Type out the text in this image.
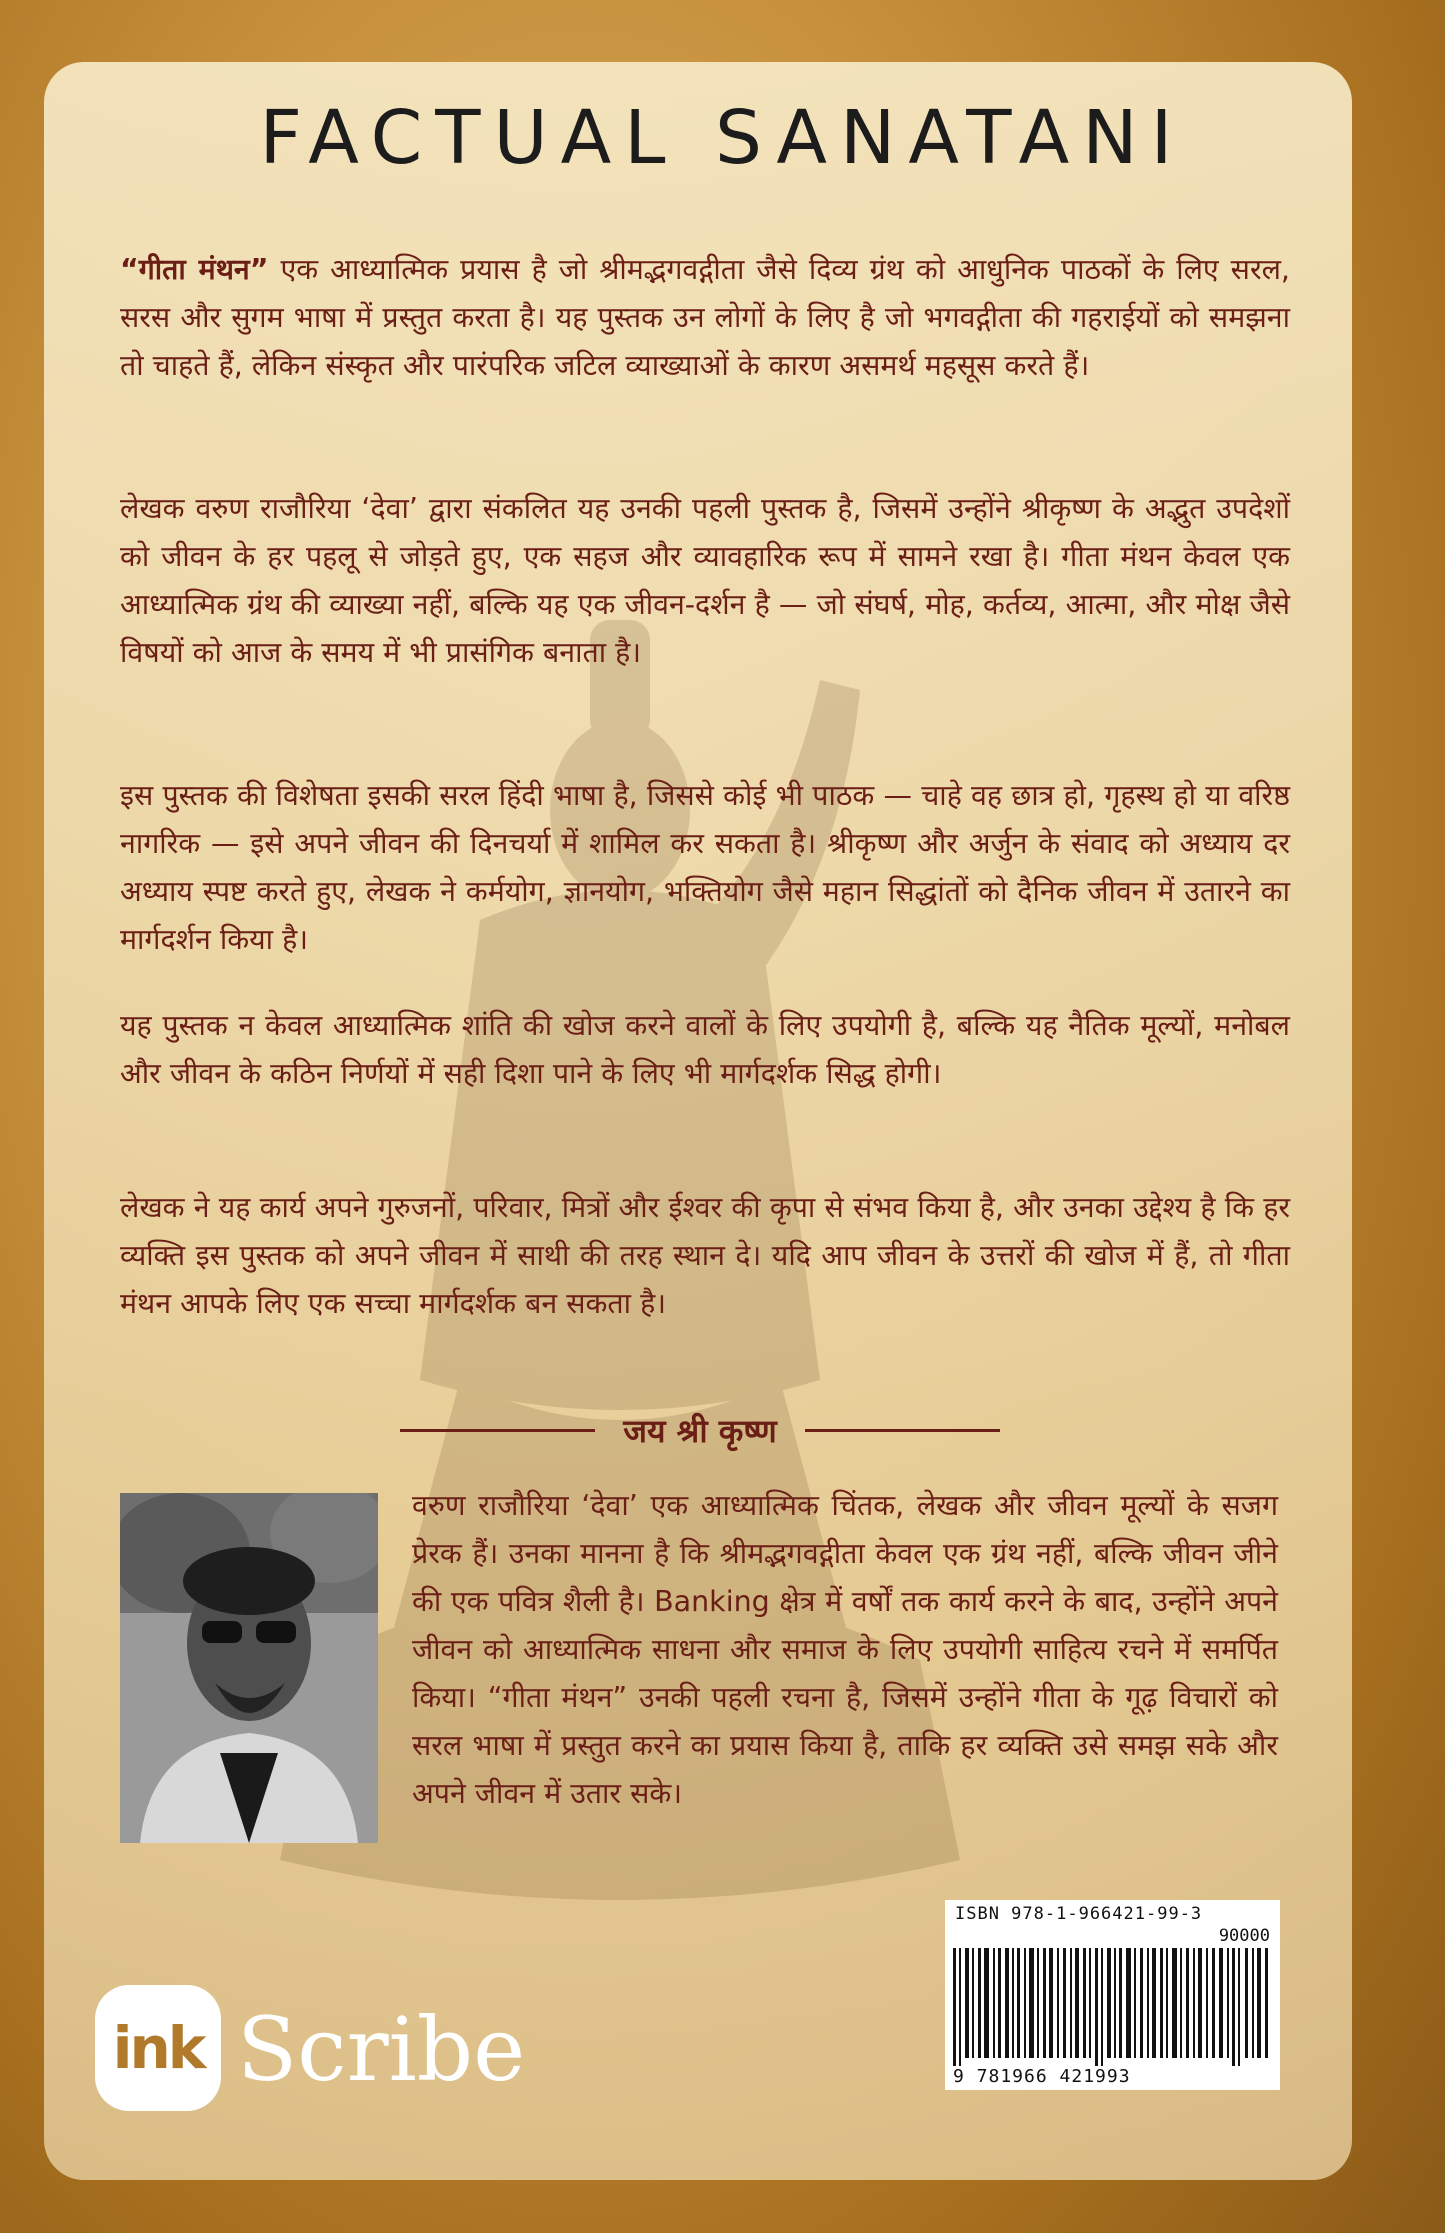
FACTUAL SANATANI

“गीता मंथन” एक आध्यात्मिक प्रयास है जो श्रीमद्भगवद्गीता जैसे दिव्य ग्रंथ को आधुनिक पाठकों के लिए सरल, सरस और सुगम भाषा में प्रस्तुत करता है। यह पुस्तक उन लोगों के लिए है जो भगवद्गीता की गहराईयों को समझना तो चाहते हैं, लेकिन संस्कृत और पारंपरिक जटिल व्याख्याओं के कारण असमर्थ महसूस करते हैं।

लेखक वरुण राजौरिया ‘देवा’ द्वारा संकलित यह उनकी पहली पुस्तक है, जिसमें उन्होंने श्रीकृष्ण के अद्भुत उपदेशों को जीवन के हर पहलू से जोड़ते हुए, एक सहज और व्यावहारिक रूप में सामने रखा है। गीता मंथन केवल एक आध्यात्मिक ग्रंथ की व्याख्या नहीं, बल्कि यह एक जीवन-दर्शन है — जो संघर्ष, मोह, कर्तव्य, आत्मा, और मोक्ष जैसे विषयों को आज के समय में भी प्रासंगिक बनाता है।

इस पुस्तक की विशेषता इसकी सरल हिंदी भाषा है, जिससे कोई भी पाठक — चाहे वह छात्र हो, गृहस्थ हो या वरिष्ठ नागरिक — इसे अपने जीवन की दिनचर्या में शामिल कर सकता है। श्रीकृष्ण और अर्जुन के संवाद को अध्याय दर अध्याय स्पष्ट करते हुए, लेखक ने कर्मयोग, ज्ञानयोग, भक्तियोग जैसे महान सिद्धांतों को दैनिक जीवन में उतारने का मार्गदर्शन किया है।

यह पुस्तक न केवल आध्यात्मिक शांति की खोज करने वालों के लिए उपयोगी है, बल्कि यह नैतिक मूल्यों, मनोबल और जीवन के कठिन निर्णयों में सही दिशा पाने के लिए भी मार्गदर्शक सिद्ध होगी।

लेखक ने यह कार्य अपने गुरुजनों, परिवार, मित्रों और ईश्वर की कृपा से संभव किया है, और उनका उद्देश्य है कि हर व्यक्ति इस पुस्तक को अपने जीवन में साथी की तरह स्थान दे। यदि आप जीवन के उत्तरों की खोज में हैं, तो गीता मंथन आपके लिए एक सच्चा मार्गदर्शक बन सकता है।

जय श्री कृष्ण

वरुण राजौरिया ‘देवा’ एक आध्यात्मिक चिंतक, लेखक और जीवन मूल्यों के सजग प्रेरक हैं। उनका मानना है कि श्रीमद्भगवद्गीता केवल एक ग्रंथ नहीं, बल्कि जीवन जीने की एक पवित्र शैली है। Banking क्षेत्र में वर्षों तक कार्य करने के बाद, उन्होंने अपने जीवन को आध्यात्मिक साधना और समाज के लिए उपयोगी साहित्य रचने में समर्पित किया। “गीता मंथन” उनकी पहली रचना है, जिसमें उन्होंने गीता के गूढ़ विचारों को सरल भाषा में प्रस्तुत करने का प्रयास किया है, ताकि हर व्यक्ति उसे समझ सके और अपने जीवन में उतार सके।

ISBN 978-1-966421-99-3
90000
9 781966 421993
ink Scribe
